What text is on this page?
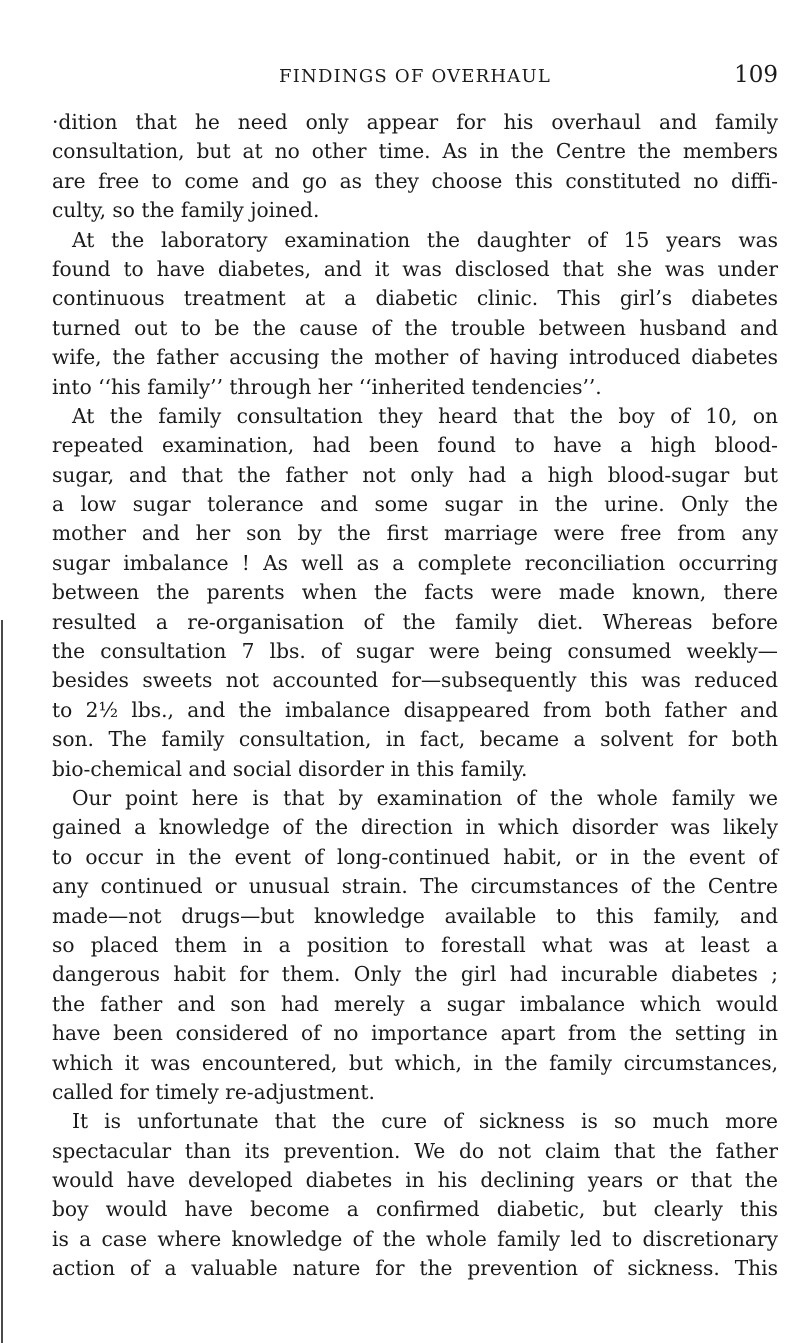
FINDINGS OF OVERHAUL	109
·dition that he need only appear for his overhaul and family
consultation, but at no other time. As in the Centre the members
are free to come and go as they choose this constituted no diffi-
culty, so the family joined.
At the laboratory examination the daughter of 15 years was
found to have diabetes, and it was disclosed that she was under
continuous treatment at a diabetic clinic. This girl’s diabetes
turned out to be the cause of the trouble between husband and
wife, the father accusing the mother of having introduced diabetes
into ‘‘his family’’ through her ‘‘inherited tendencies’’.
At the family consultation they heard that the boy of 10, on
repeated examination, had been found to have a high blood-
sugar, and that the father not only had a high blood-sugar but
a low sugar tolerance and some sugar in the urine. Only the
mother and her son by the first marriage were free from any
sugar imbalance ! As well as a complete reconciliation occurring
between the parents when the facts were made known, there
resulted a re-organisation of the family diet. Whereas before
the consultation 7 lbs. of sugar were being consumed weekly—
besides sweets not accounted for—subsequently this was reduced
to 2½ lbs., and the imbalance disappeared from both father and
son. The family consultation, in fact, became a solvent for both
bio-chemical and social disorder in this family.
Our point here is that by examination of the whole family we
gained a knowledge of the direction in which disorder was likely
to occur in the event of long-continued habit, or in the event of
any continued or unusual strain. The circumstances of the Centre
made—not drugs—but knowledge available to this family, and
so placed them in a position to forestall what was at least a
dangerous habit for them. Only the girl had incurable diabetes ;
the father and son had merely a sugar imbalance which would
have been considered of no importance apart from the setting in
which it was encountered, but which, in the family circumstances,
called for timely re-adjustment.
It is unfortunate that the cure of sickness is so much more
spectacular than its prevention. We do not claim that the father
would have developed diabetes in his declining years or that the
boy would have become a confirmed diabetic, but clearly this
is a case where knowledge of the whole family led to discretionary
action of a valuable nature for the prevention of sickness. This
